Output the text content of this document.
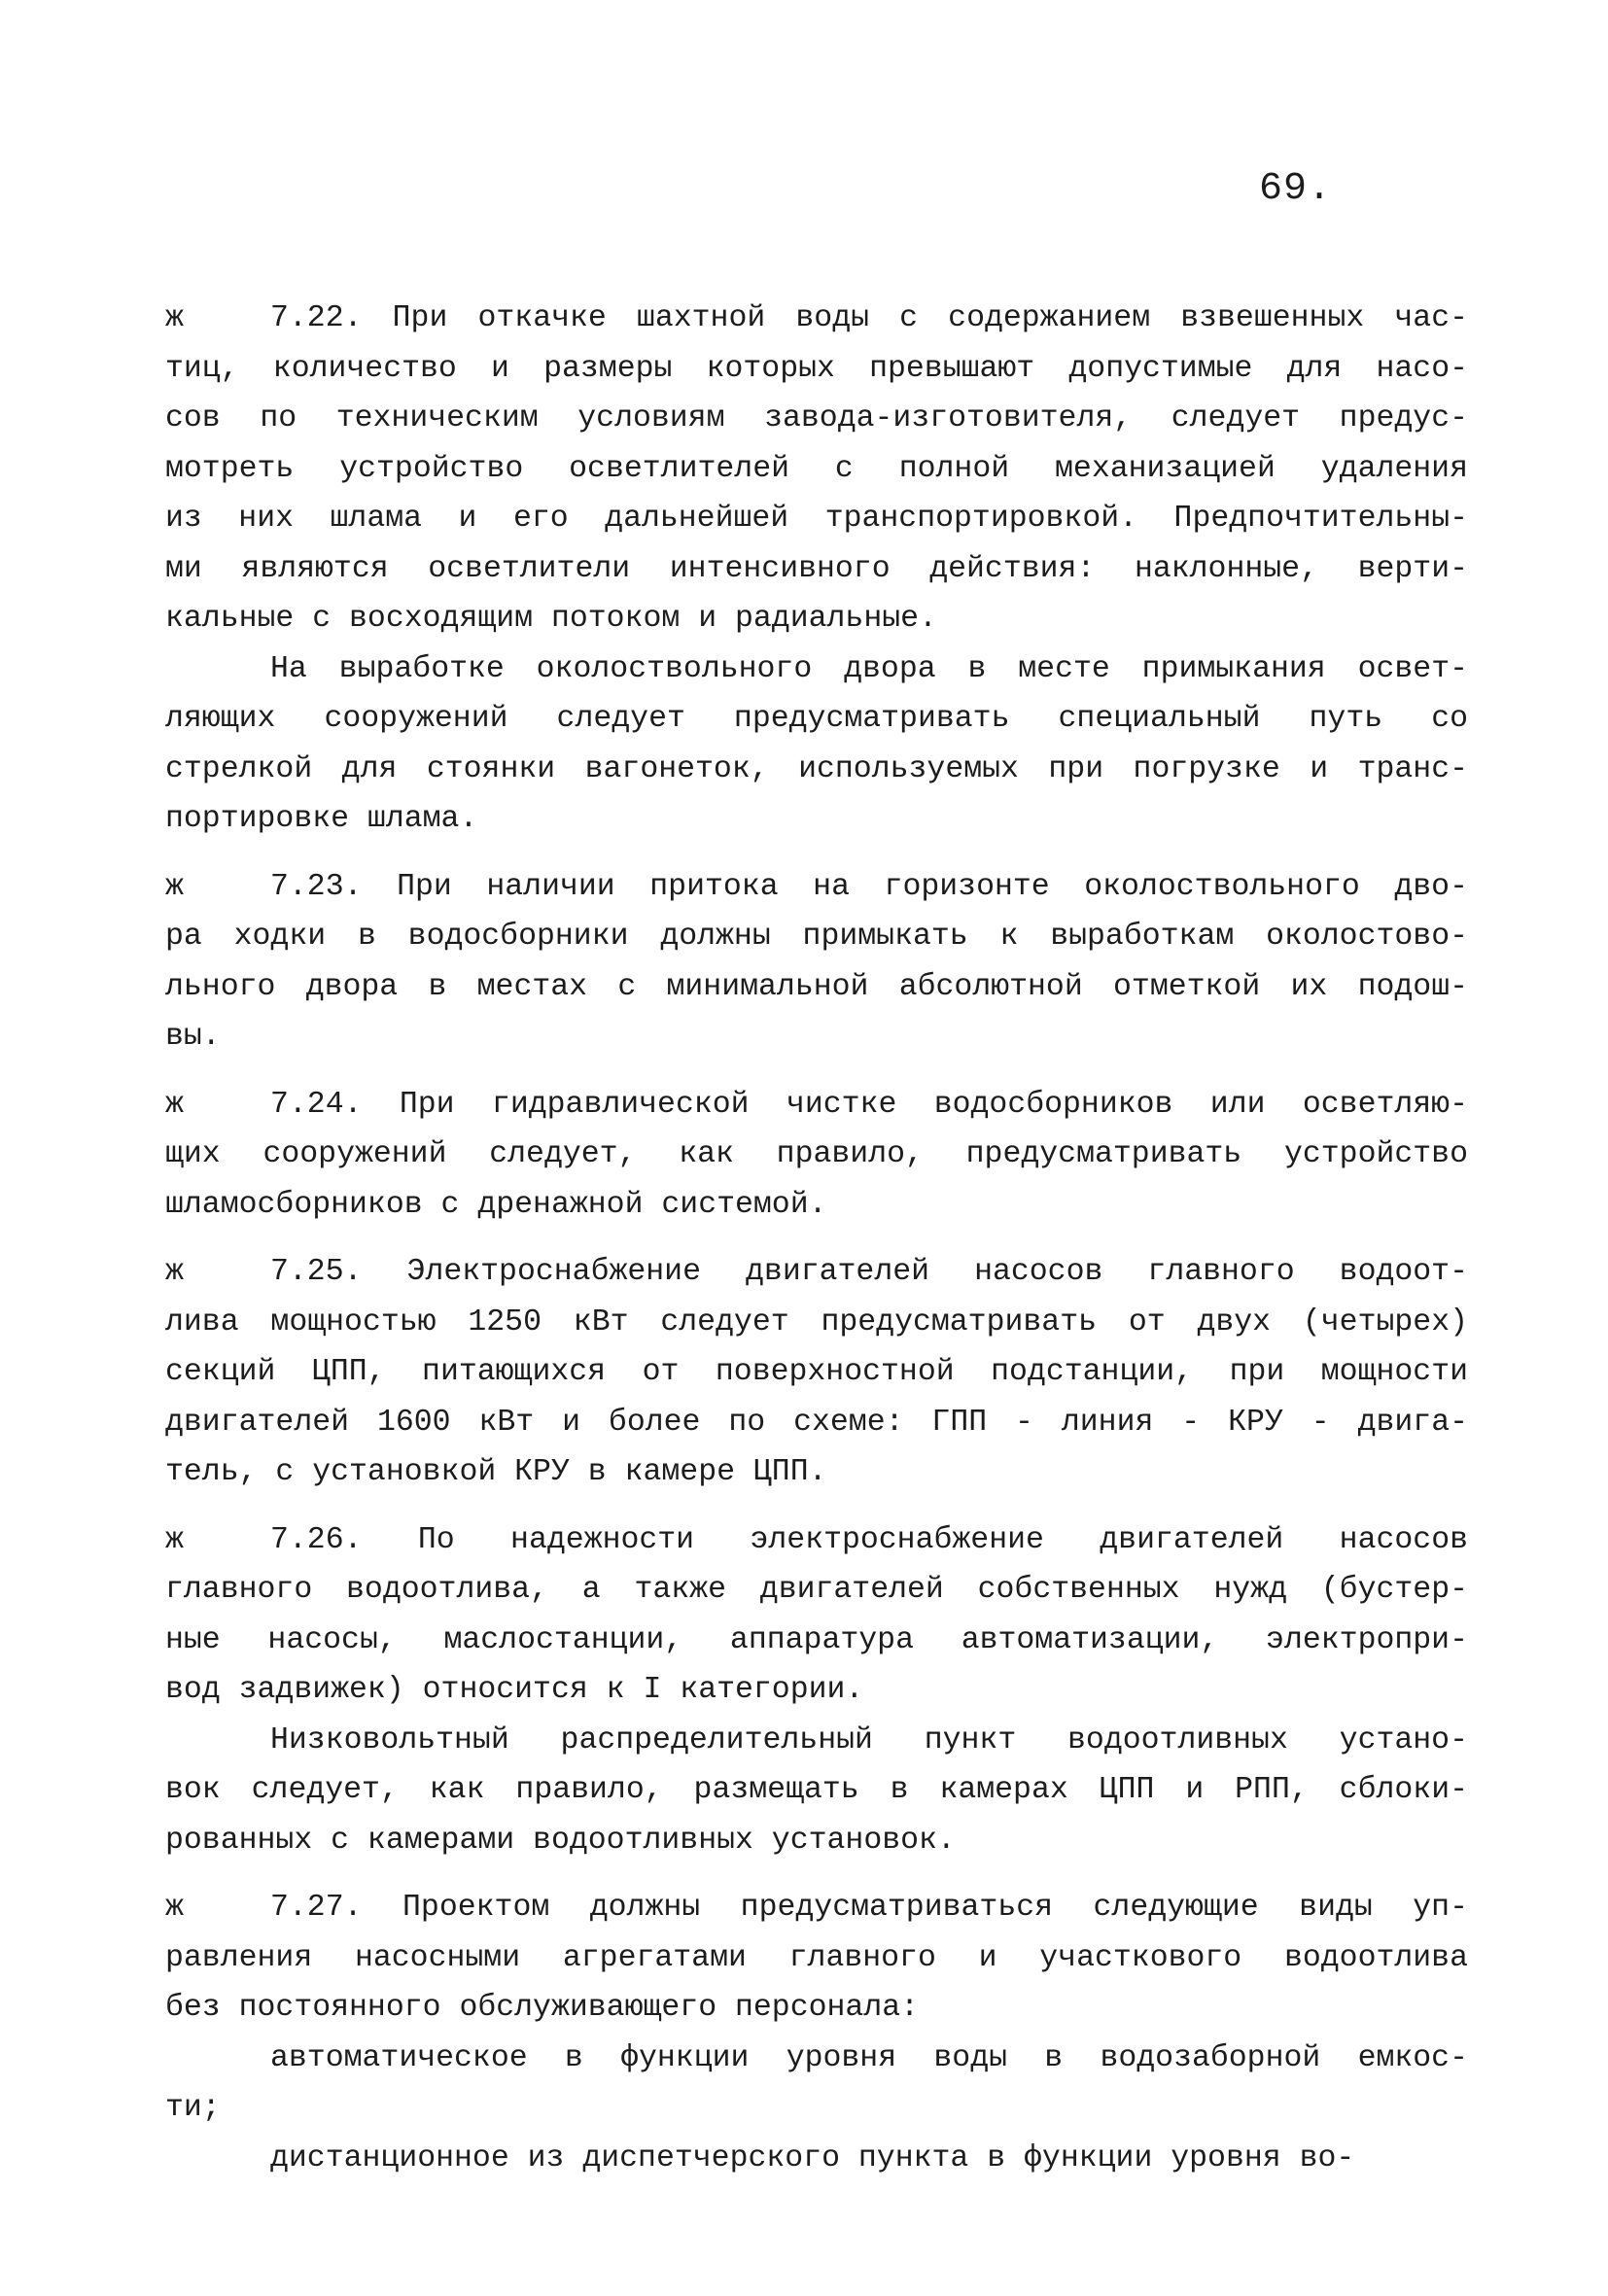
69.
ж	7.22. При откачке шахтной воды с содержанием взвешенных час-
тиц, количество и размеры которых превышают допустимые для насо-
сов по техническим условиям завода-изготовителя, следует предус-
мотреть устройство осветлителей с полной механизацией удаления
из них шлама и его дальнейшей транспортировкой. Предпочтительны-
ми являются осветлители интенсивного действия: наклонные, верти-
кальные с восходящим потоком и радиальные.
На выработке околоствольного двора в месте примыкания освет-
ляющих сооружений следует предусматривать специальный путь со
стрелкой для стоянки вагонеток, используемых при погрузке и транс-
портировке шлама.
ж	7.23. При наличии притока на горизонте околоствольного дво-
ра ходки в водосборники должны примыкать к выработкам околостово-
льного двора в местах с минимальной абсолютной отметкой их подош-
вы.
ж	7.24. При гидравлической чистке водосборников или осветляю-
щих сооружений следует, как правило, предусматривать устройство
шламосборников с дренажной системой.
ж	7.25. Электроснабжение двигателей насосов главного водоот-
лива мощностью 1250 кВт следует предусматривать от двух (четырех)
секций ЦПП, питающихся от поверхностной подстанции, при мощности
двигателей 1600 кВт и более по схеме: ГПП - линия - КРУ - двига-
тель, с установкой КРУ в камере ЦПП.
ж	7.26. По надежности электроснабжение двигателей насосов
главного водоотлива, а также двигателей собственных нужд (бустер-
ные насосы, маслостанции, аппаратура автоматизации, электропри-
вод задвижек) относится к I категории.
Низковольтный распределительный пункт водоотливных устано-
вок следует, как правило, размещать в камерах ЦПП и РПП, сблоки-
рованных с камерами водоотливных установок.
ж	7.27. Проектом должны предусматриваться следующие виды уп-
равления насосными агрегатами главного и участкового водоотлива
без постоянного обслуживающего персонала:
автоматическое в функции уровня воды в водозаборной емкос-
ти;
дистанционное из диспетчерского пункта в функции уровня во-
